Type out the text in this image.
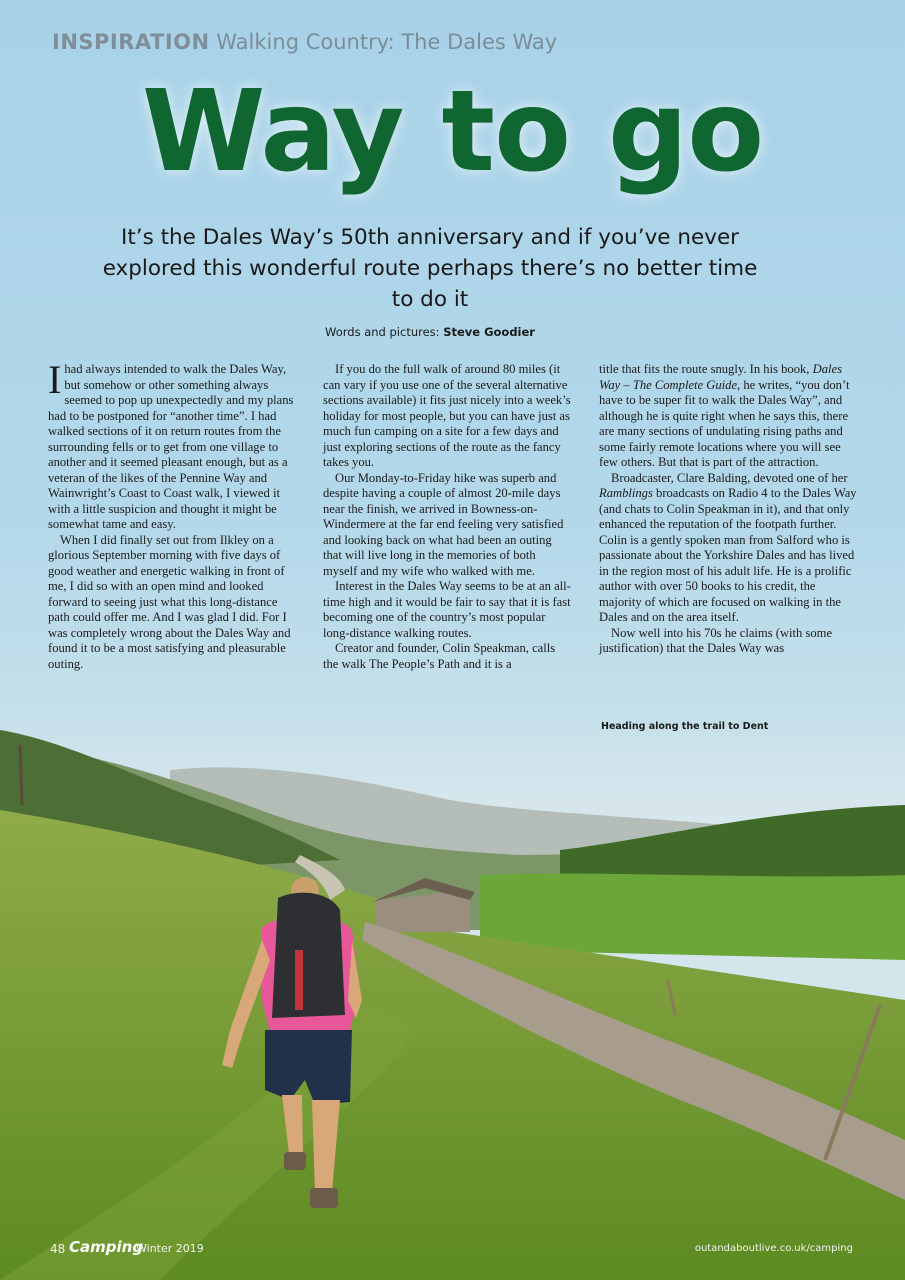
INSPIRATION Walking Country: The Dales Way
Way to go
It’s the Dales Way’s 50th anniversary and if you’ve never explored this wonderful route perhaps there’s no better time to do it
Words and pictures: Steve Goodier

Ihad always intended to walk the Dales Way, but somehow or other something always seemed to pop up unexpectedly and my plans had to be postponed for “another time”. I had walked sections of it on return routes from the surrounding fells or to get from one village to another and it seemed pleasant enough, but as a veteran of the likes of the Pennine Way and Wainwright’s Coast to Coast walk, I viewed it with a little suspicion and thought it might be somewhat tame and easy.

When I did finally set out from Ilkley on a glorious September morning with five days of good weather and energetic walking in front of me, I did so with an open mind and looked forward to seeing just what this long-distance path could offer me. And I was glad I did. For I was completely wrong about the Dales Way and found it to be a most satisfying and pleasurable outing.

If you do the full walk of around 80 miles (it can vary if you use one of the several alternative sections available) it fits just nicely into a week’s holiday for most people, but you can have just as much fun camping on a site for a few days and just exploring sections of the route as the fancy takes you.

Our Monday-to-Friday hike was superb and despite having a couple of almost 20-mile days near the finish, we arrived in Bowness-on-Windermere at the far end feeling very satisfied and looking back on what had been an outing that will live long in the memories of both myself and my wife who walked with me.

Interest in the Dales Way seems to be at an all-time high and it would be fair to say that it is fast becoming one of the country’s most popular long-distance walking routes.

Creator and founder, Colin Speakman, calls the walk The People’s Path and it is a

title that fits the route snugly. In his book, Dales Way – The Complete Guide, he writes, “you don’t have to be super fit to walk the Dales Way”, and although he is quite right when he says this, there are many sections of undulating rising paths and some fairly remote locations where you will see few others. But that is part of the attraction.

Broadcaster, Clare Balding, devoted one of her Ramblings broadcasts on Radio 4 to the Dales Way (and chats to Colin Speakman in it), and that only enhanced the reputation of the footpath further. Colin is a gently spoken man from Salford who is passionate about the Yorkshire Dales and has lived in the region most of his adult life. He is a prolific author with over 50 books to his credit, the majority of which are focused on walking in the Dales and on the area itself.

Now well into his 70s he claims (with some justification) that the Dales Way was

Heading along the trail to Dent
48 Camping
Winter 2019	outandaboutlive.co.uk/camping
